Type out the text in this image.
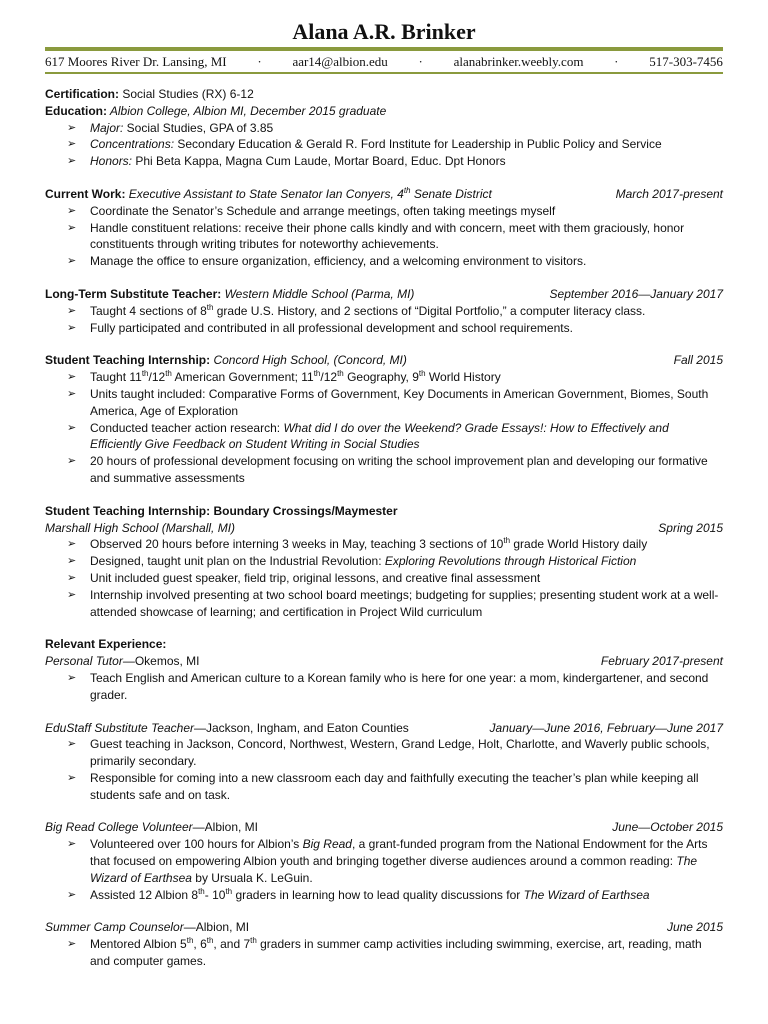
Alana A.R. Brinker
617 Moores River Dr. Lansing, MI · aar14@albion.edu · alanabrinker.weebly.com · 517-303-7456
Certification: Social Studies (RX) 6-12
Education: Albion College, Albion MI, December 2015 graduate
➢ Major: Social Studies, GPA of 3.85
➢ Concentrations: Secondary Education & Gerald R. Ford Institute for Leadership in Public Policy and Service
➢ Honors: Phi Beta Kappa, Magna Cum Laude, Mortar Board, Educ. Dpt Honors
Current Work: Executive Assistant to State Senator Ian Conyers, 4th Senate District	March 2017-present
➢ Coordinate the Senator’s Schedule and arrange meetings, often taking meetings myself
➢ Handle constituent relations: receive their phone calls kindly and with concern, meet with them graciously, honor constituents through writing tributes for noteworthy achievements.
➢ Manage the office to ensure organization, efficiency, and a welcoming environment to visitors.
Long-Term Substitute Teacher: Western Middle School (Parma, MI)	September 2016—January 2017
➢ Taught 4 sections of 8th grade U.S. History, and 2 sections of “Digital Portfolio,” a computer literacy class.
➢ Fully participated and contributed in all professional development and school requirements.
Student Teaching Internship: Concord High School, (Concord, MI)	Fall 2015
➢ Taught 11th/12th American Government; 11th/12th Geography, 9th World History
➢ Units taught included: Comparative Forms of Government, Key Documents in American Government, Biomes, South America, Age of Exploration
➢ Conducted teacher action research: What did I do over the Weekend? Grade Essays!: How to Effectively and Efficiently Give Feedback on Student Writing in Social Studies
➢ 20 hours of professional development focusing on writing the school improvement plan and developing our formative and summative assessments
Student Teaching Internship: Boundary Crossings/Maymester
Marshall High School (Marshall, MI)	Spring 2015
➢ Observed 20 hours before interning 3 weeks in May, teaching 3 sections of 10th grade World History daily
➢ Designed, taught unit plan on the Industrial Revolution: Exploring Revolutions through Historical Fiction
➢ Unit included guest speaker, field trip, original lessons, and creative final assessment
➢ Internship involved presenting at two school board meetings; budgeting for supplies; presenting student work at a well-attended showcase of learning; and certification in Project Wild curriculum
Relevant Experience:
Personal Tutor—Okemos, MI	February 2017-present
➢ Teach English and American culture to a Korean family who is here for one year: a mom, kindergartener, and second grader.
EduStaff Substitute Teacher—Jackson, Ingham, and Eaton Counties	January—June 2016, February—June 2017
➢ Guest teaching in Jackson, Concord, Northwest, Western, Grand Ledge, Holt, Charlotte, and Waverly public schools, primarily secondary.
➢ Responsible for coming into a new classroom each day and faithfully executing the teacher’s plan while keeping all students safe and on task.
Big Read College Volunteer—Albion, MI	June—October 2015
➢ Volunteered over 100 hours for Albion’s Big Read, a grant-funded program from the National Endowment for the Arts that focused on empowering Albion youth and bringing together diverse audiences around a common reading: The Wizard of Earthsea by Ursuala K. LeGuin.
➢ Assisted 12 Albion 8th- 10th graders in learning how to lead quality discussions for The Wizard of Earthsea
Summer Camp Counselor—Albion, MI	June 2015
➢ Mentored Albion 5th, 6th, and 7th graders in summer camp activities including swimming, exercise, art, reading, math and computer games.
